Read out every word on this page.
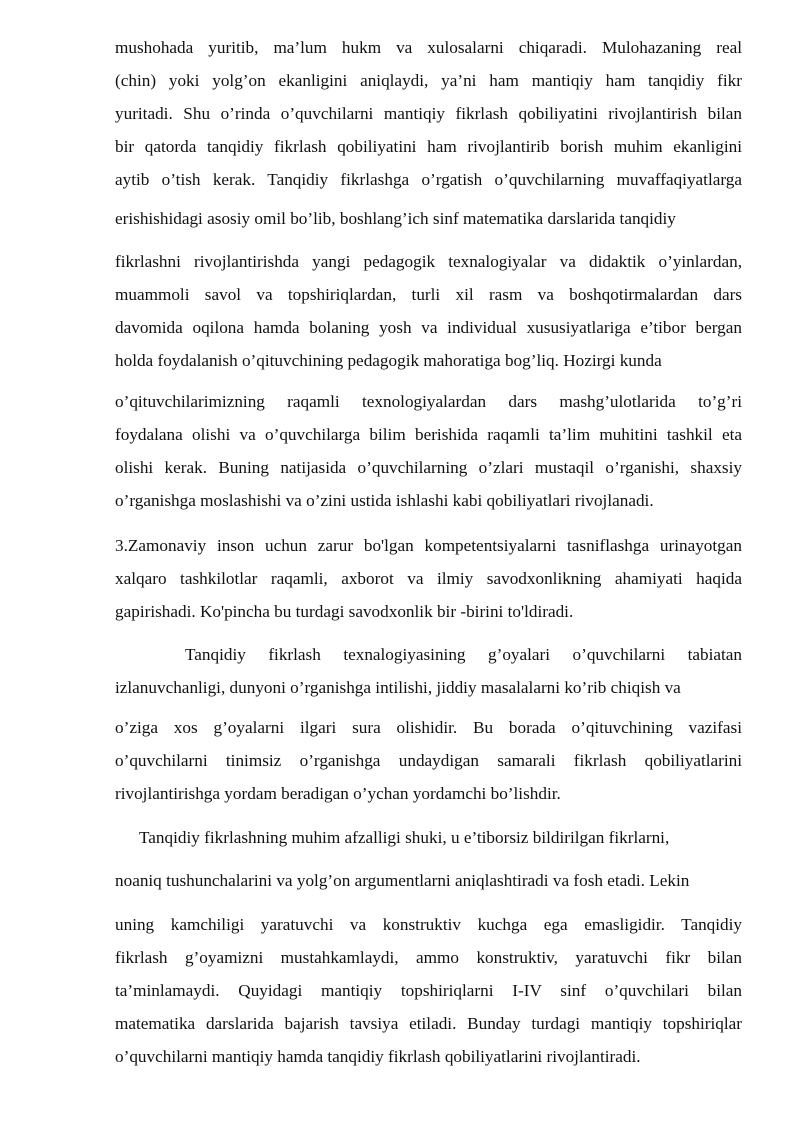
mushohada yuritib, ma’lum hukm va xulosalarni chiqaradi. Mulohazaning real
(chin) yoki yolg’on ekanligini aniqlaydi, ya’ni ham mantiqiy ham tanqidiy fikr
yuritadi. Shu o’rinda o’quvchilarni mantiqiy fikrlash qobiliyatini rivojlantirish bilan
bir qatorda tanqidiy fikrlash qobiliyatini ham rivojlantirib borish muhim ekanligini
aytib o’tish kerak. Tanqidiy fikrlashga o’rgatish o’quvchilarning muvaffaqiyatlarga
erishishidagi asosiy omil bo’lib, boshlang’ich sinf matematika darslarida tanqidiy
fikrlashni rivojlantirishda yangi pedagogik texnalogiyalar va didaktik o’yinlardan,
muammoli savol va topshiriqlardan, turli xil rasm va boshqotirmalardan dars
davomida oqilona hamda bolaning yosh va individual xususiyatlariga e’tibor bergan
holda foydalanish o’qituvchining pedagogik mahoratiga bog’liq. Hozirgi kunda
o’qituvchilarimizning raqamli texnologiyalardan dars mashg’ulotlarida to’g’ri
foydalana olishi va o’quvchilarga bilim berishida raqamli ta’lim muhitini tashkil eta
olishi kerak. Buning natijasida o’quvchilarning o’zlari mustaqil o’rganishi, shaxsiy
o’rganishga moslashishi va o’zini ustida ishlashi kabi qobiliyatlari rivojlanadi.
3.Zamonaviy inson uchun zarur bo'lgan kompetentsiyalarni tasniflashga urinayotgan
xalqaro tashkilotlar raqamli, axborot va ilmiy savodxonlikning ahamiyati haqida
gapirishadi. Ko'pincha bu turdagi savodxonlik bir -birini to'ldiradi.
Tanqidiy fikrlash texnalogiyasining g’oyalari o’quvchilarni tabiatan
izlanuvchanligi, dunyoni o’rganishga intilishi, jiddiy masalalarni ko’rib chiqish va
o’ziga xos g’oyalarni ilgari sura olishidir. Bu borada o’qituvchining vazifasi
o’quvchilarni tinimsiz o’rganishga undaydigan samarali fikrlash qobiliyatlarini
rivojlantirishga yordam beradigan o’ychan yordamchi bo’lishdir.
Tanqidiy fikrlashning muhim afzalligi shuki, u e’tiborsiz bildirilgan fikrlarni,
noaniq tushunchalarini va yolg’on argumentlarni aniqlashtiradi va fosh etadi. Lekin
uning kamchiligi yaratuvchi va konstruktiv kuchga ega emasligidir. Tanqidiy
fikrlash g’oyamizni mustahkamlaydi, ammo konstruktiv, yaratuvchi fikr bilan
ta’minlamaydi. Quyidagi mantiqiy topshiriqlarni I-IV sinf o’quvchilari bilan
matematika darslarida bajarish tavsiya etiladi. Bunday turdagi mantiqiy topshiriqlar
o’quvchilarni mantiqiy hamda tanqidiy fikrlash qobiliyatlarini rivojlantiradi.
